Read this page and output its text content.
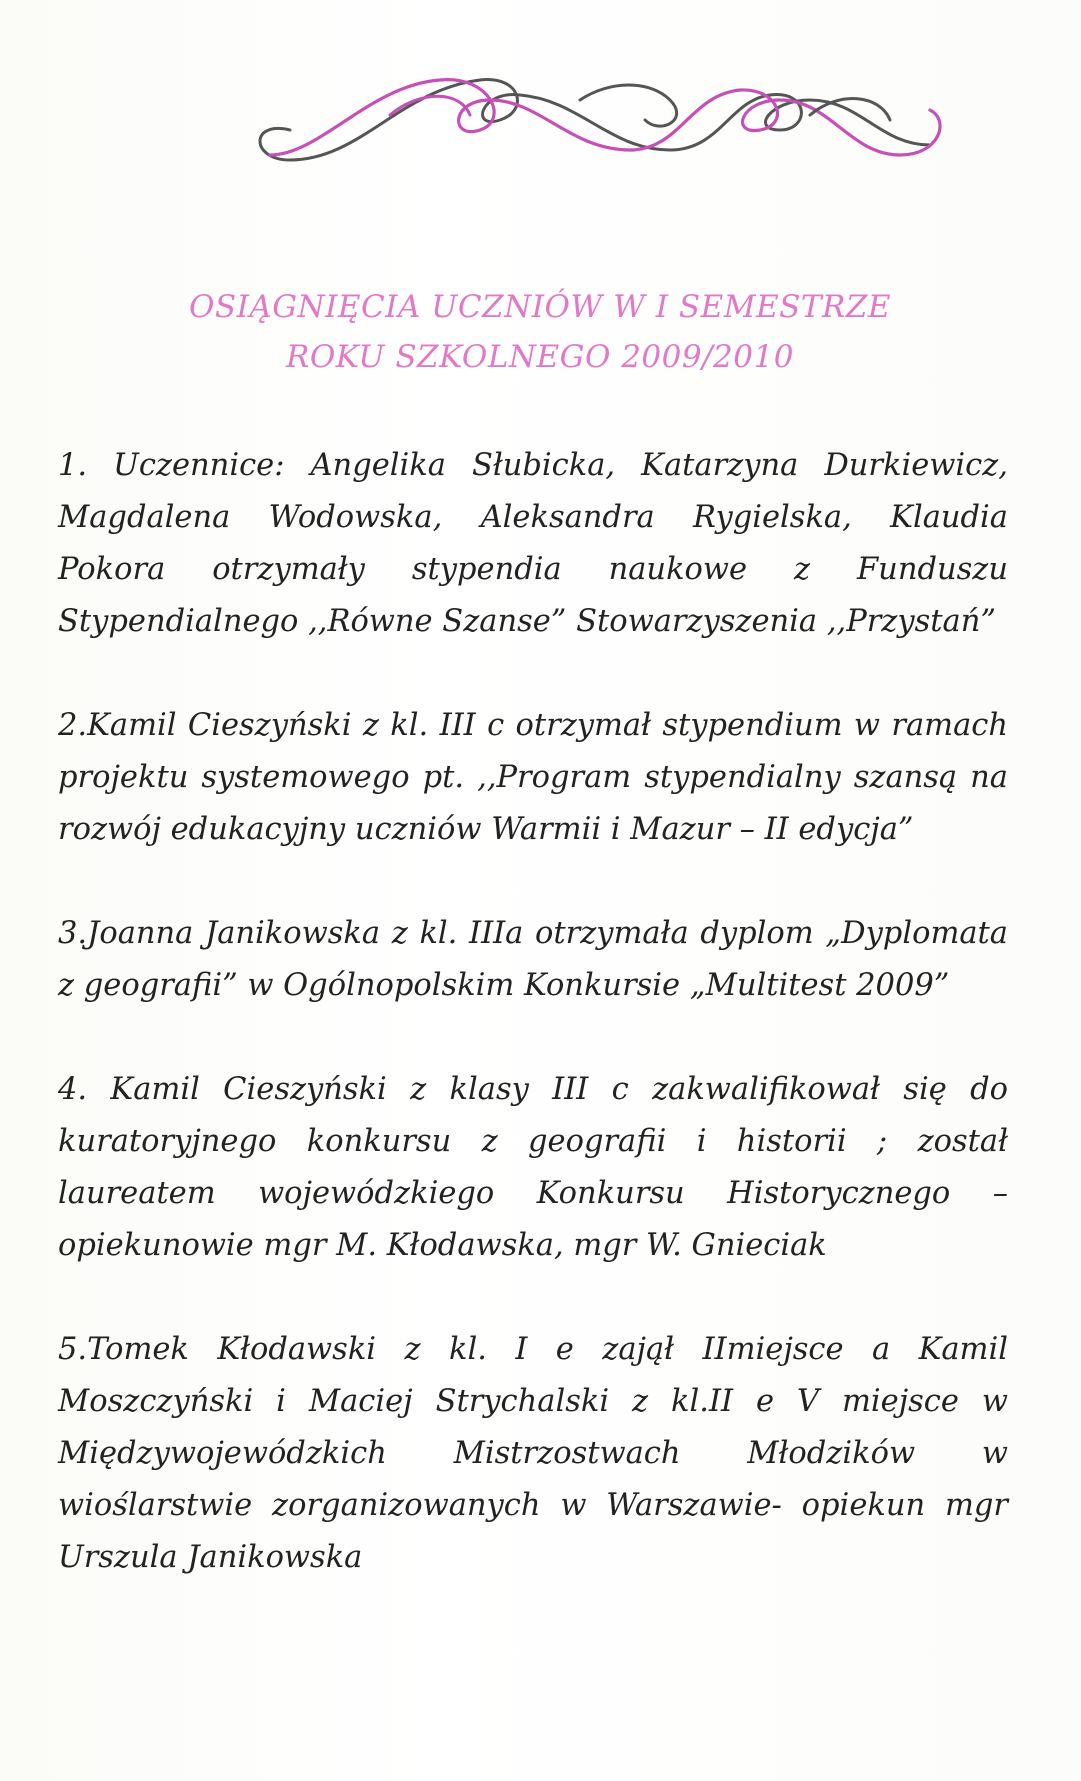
OSIĄGNIĘCIA UCZNIÓW W I SEMESTRZE
ROKU SZKOLNEGO 2009/2010

1. Uczennice: Angelika Słubicka, Katarzyna Durkiewicz, Magdalena Wodowska, Aleksandra Rygielska, Klaudia Pokora otrzymały stypendia naukowe z Funduszu Stypendialnego ,,Równe Szanse” Stowarzyszenia ,,Przystań”

2.Kamil Cieszyński z kl. III c otrzymał stypendium w ramach projektu systemowego pt. ,,Program stypendialny szansą na rozwój edukacyjny uczniów Warmii i Mazur – II edycja”

3.Joanna Janikowska z kl. IIIa otrzymała dyplom „Dyplomata z geografii” w Ogólnopolskim Konkursie „Multitest 2009”

4. Kamil Cieszyński z klasy III c zakwalifikował się do kuratoryjnego konkursu z geografii i historii ; został laureatem wojewódzkiego Konkursu Historycznego – opiekunowie mgr M. Kłodawska, mgr W. Gnieciak

5.Tomek Kłodawski z kl. I e zajął IImiejsce a Kamil Moszczyński i Maciej Strychalski z kl.II e V miejsce w Międzywojewódzkich Mistrzostwach Młodzików w wioślarstwie zorganizowanych w Warszawie- opiekun mgr Urszula Janikowska
